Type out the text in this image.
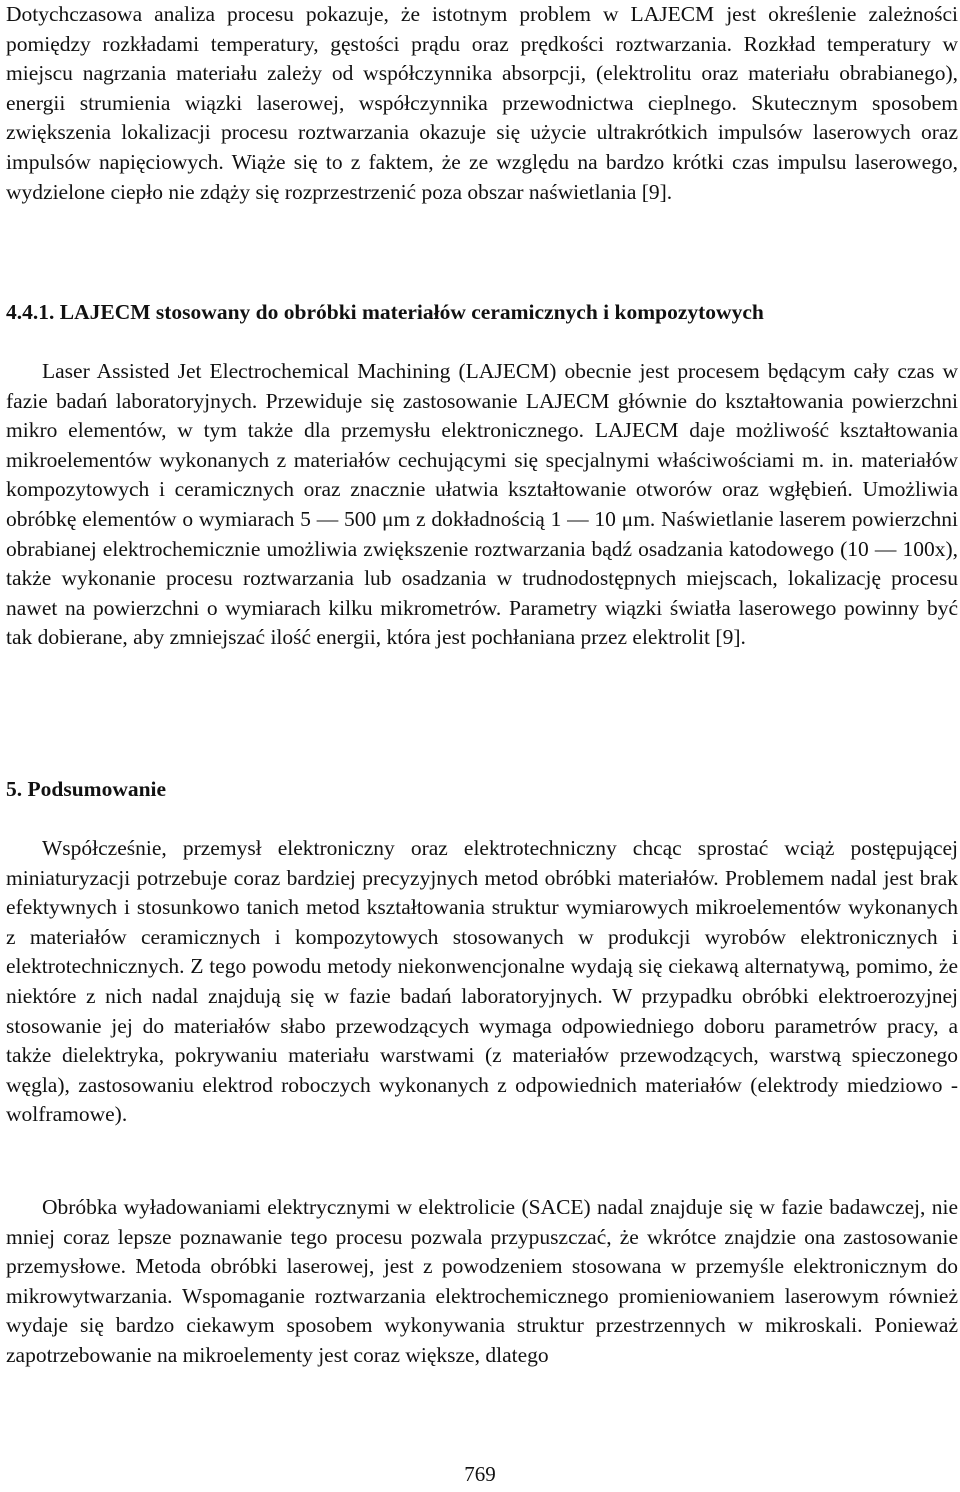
Dotychczasowa analiza procesu pokazuje, że istotnym problem w LAJECM jest określenie zależności pomiędzy rozkładami temperatury, gęstości prądu oraz prędkości roztwarzania. Rozkład temperatury w miejscu nagrzania materiału zależy od współczynnika absorpcji, (elektrolitu oraz materiału obrabianego), energii strumienia wiązki laserowej, współczynnika przewodnictwa cieplnego. Skutecznym sposobem zwiększenia lokalizacji procesu roztwarzania okazuje się użycie ultrakrótkich impulsów laserowych oraz impulsów napięciowych. Wiąże się to z faktem, że ze względu na bardzo krótki czas impulsu laserowego, wydzielone ciepło nie zdąży się rozprzestrzenić poza obszar naświetlania [9].

4.4.1. LAJECM stosowany do obróbki materiałów ceramicznych i kompozytowych

Laser Assisted Jet Electrochemical Machining (LAJECM) obecnie jest procesem będącym cały czas w fazie badań laboratoryjnych. Przewiduje się zastosowanie LAJECM głównie do kształtowania powierzchni mikro elementów, w tym także dla przemysłu elektronicznego. LAJECM daje możliwość kształtowania mikroelementów wykonanych z materiałów cechującymi się specjalnymi właściwościami m. in. materiałów kompozytowych i ceramicznych oraz znacznie ułatwia kształtowanie otworów oraz wgłębień. Umożliwia obróbkę elementów o wymiarach 5 — 500 μm z dokładnością 1 — 10 μm. Naświetlanie laserem powierzchni obrabianej elektrochemicznie umożliwia zwiększenie roztwarzania bądź osadzania katodowego (10 — 100x), także wykonanie procesu roztwarzania lub osadzania w trudnodostępnych miejscach, lokalizację procesu nawet na powierzchni o wymiarach kilku mikrometrów. Parametry wiązki światła laserowego powinny być tak dobierane, aby zmniejszać ilość energii, która jest pochłaniana przez elektrolit [9].

5. Podsumowanie

Współcześnie, przemysł elektroniczny oraz elektrotechniczny chcąc sprostać wciąż postępującej miniaturyzacji potrzebuje coraz bardziej precyzyjnych metod obróbki materiałów. Problemem nadal jest brak efektywnych i stosunkowo tanich metod kształtowania struktur wymiarowych mikroelementów wykonanych z materiałów ceramicznych i kompozytowych stosowanych w produkcji wyrobów elektronicznych i elektrotechnicznych. Z tego powodu metody niekonwencjonalne wydają się ciekawą alternatywą, pomimo, że niektóre z nich nadal znajdują się w fazie badań laboratoryjnych. W przypadku obróbki elektroerozyjnej stosowanie jej do materiałów słabo przewodzących wymaga odpowiedniego doboru parametrów pracy, a także dielektryka, pokrywaniu materiału warstwami (z materiałów przewodzących, warstwą spieczonego węgla), zastosowaniu elektrod roboczych wykonanych z odpowiednich materiałów (elektrody miedziowo - wolframowe).

Obróbka wyładowaniami elektrycznymi w elektrolicie (SACE) nadal znajduje się w fazie badawczej, nie mniej coraz lepsze poznawanie tego procesu pozwala przypuszczać, że wkrótce znajdzie ona zastosowanie przemysłowe. Metoda obróbki laserowej, jest z powodzeniem stosowana w przemyśle elektronicznym do mikrowytwarzania. Wspomaganie roztwarzania elektrochemicznego promieniowaniem laserowym również wydaje się bardzo ciekawym sposobem wykonywania struktur przestrzennych w mikroskali. Ponieważ zapotrzebowanie na mikroelementy jest coraz większe, dlatego

769
